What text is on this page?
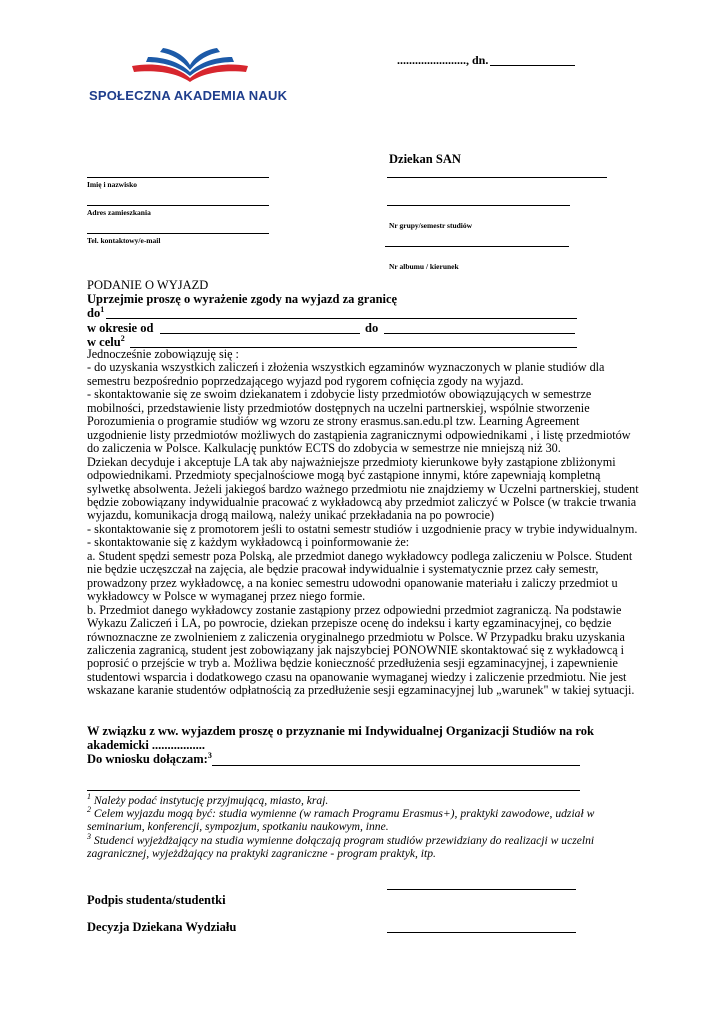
......................., dn.
SPOŁECZNA AKADEMIA NAUK
Dziekan SAN
Imię i nazwisko
Adres zamieszkania
Tel. kontaktowy/e-mail
Nr grupy/semestr studiów
Nr albumu / kierunek
PODANIE O WYJAZD
Uprzejmie proszę o wyrażenie zgody na wyjazd za granicę
$do^1$
w okresie od	do
w celu$^2$
Jednocześnie zobowiązuję się :
- do uzyskania wszystkich zaliczeń i złożenia wszystkich egzaminów wyznaczonych w planie studiów dla
semestru bezpośrednio poprzedzającego wyjazd pod rygorem cofnięcia zgody na wyjazd.
- skontaktowanie się ze swoim dziekanatem i zdobycie listy przedmiotów obowiązujących w semestrze
mobilności, przedstawienie listy przedmiotów dostępnych na uczelni partnerskiej, wspólnie stworzenie
Porozumienia o programie studiów wg wzoru ze strony erasmus.san.edu.pl tzw. Learning Agreement
uzgodnienie listy przedmiotów możliwych do zastąpienia zagranicznymi odpowiednikami , i listę przedmiotów
do zaliczenia w Polsce. Kalkulację punktów ECTS do zdobycia w semestrze nie mniejszą niż 30.
Dziekan decyduje i akceptuje LA tak aby najważniejsze przedmioty kierunkowe były zastąpione zbliżonymi
odpowiednikami. Przedmioty specjalnościowe mogą być zastąpione innymi, które zapewniają kompletną
sylwetkę absolwenta. Jeżeli jakiegoś bardzo ważnego przedmiotu nie znajdziemy w Uczelni partnerskiej, student
będzie zobowiązany indywidualnie pracować z wykładowcą aby przedmiot zaliczyć w Polsce (w trakcie trwania
wyjazdu, komunikacja drogą mailową, należy unikać przekładania na po powrocie)
- skontaktowanie się z promotorem jeśli to ostatni semestr studiów i uzgodnienie pracy w trybie indywidualnym.
- skontaktowanie się z każdym wykładowcą i poinformowanie że:
a. Student spędzi semestr poza Polską, ale przedmiot danego wykładowcy podlega zaliczeniu w Polsce. Student
nie będzie uczęszczał na zajęcia, ale będzie pracował indywidualnie i systematycznie przez cały semestr,
prowadzony przez wykładowcę, a na koniec semestru udowodni opanowanie materiału i zaliczy przedmiot u
wykładowcy w Polsce w wymaganej przez niego formie.
b. Przedmiot danego wykładowcy zostanie zastąpiony przez odpowiedni przedmiot zagraniczą. Na podstawie
Wykazu Zaliczeń i LA, po powrocie, dziekan przepisze ocenę do indeksu i karty egzaminacyjnej, co będzie
równoznaczne ze zwolnieniem z zaliczenia oryginalnego przedmiotu w Polsce. W Przypadku braku uzyskania
zaliczenia zagranicą, student jest zobowiązany jak najszybciej PONOWNIE skontaktować się z wykładowcą i
poprosić o przejście w tryb a. Możliwa będzie konieczność przedłużenia sesji egzaminacyjnej, i zapewnienie
studentowi wsparcia i dodatkowego czasu na opanowanie wymaganej wiedzy i zaliczenie przedmiotu. Nie jest
wskazane karanie studentów odpłatnością za przedłużenie sesji egzaminacyjnej lub „warunek" w takiej sytuacji.
W związku z ww. wyjazdem proszę o przyznanie mi Indywidualnej Organizacji Studiów na rok
akademicki .................
Do wniosku dołączam:$^3$
$^1$ Należy podać instytucję przyjmującą, miasto, kraj.
$^2$ Celem wyjazdu mogą być: studia wymienne (w ramach Programu Erasmus+), praktyki zawodowe, udział w
seminarium, konferencji, sympozjum, spotkaniu naukowym, inne.
$^3$ Studenci wyjeżdżający na studia wymienne dołączają program studiów przewidziany do realizacji w uczelni
zagranicznej, wyjeżdżający na praktyki zagraniczne - program praktyk, itp.
Podpis studenta/studentki
Decyzja Dziekana Wydziału
